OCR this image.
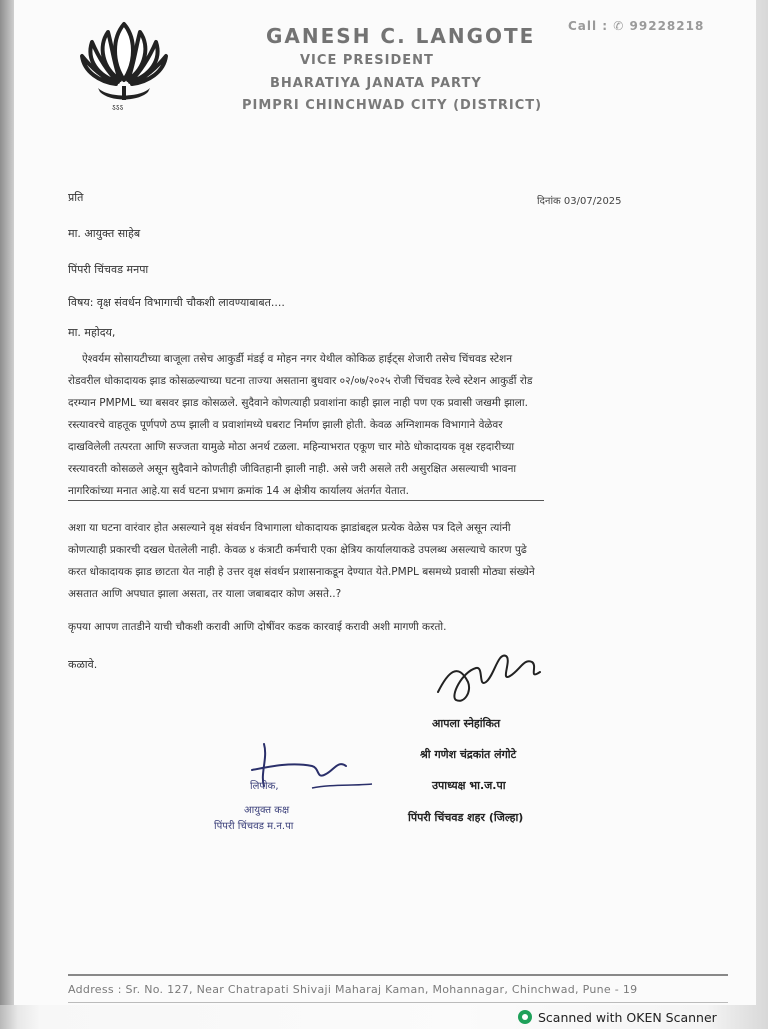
ऽऽऽ
GANESH C. LANGOTE	Call : ✆ 99228218
VICE PRESIDENT
BHARATIYA JANATA PARTY
PIMPRI CHINCHWAD CITY (DISTRICT)
प्रति	दिनांक 03/07/2025
मा. आयुक्त साहेब
पिंपरी चिंचवड मनपा
विषय: वृक्ष संवर्धन विभागाची चौकशी लावण्याबाबत....
मा. महोदय,
ऐश्वर्यम सोसायटीच्या बाजूला तसेच आकुर्डी मंडई व मोहन नगर येथील कोकिळ हाईट्स शेजारी तसेच चिंचवड स्टेशन
रोडवरील धोकादायक झाड कोसळल्याच्या घटना ताज्या असताना बुधवार ०२/०७/२०२५ रोजी चिंचवड रेल्वे स्टेशन आकुर्डी रोड
दरम्यान PMPML च्या बसवर झाड कोसळले. सुदैवाने कोणत्याही प्रवाशांना काही झाल नाही पण एक प्रवासी जखमी झाला.
रस्त्यावरचे वाहतूक पूर्णपणे ठप्प झाली व प्रवाशांमध्ये घबराट निर्माण झाली होती. केवळ अग्निशामक विभागाने वेळेवर
दाखविलेली तत्परता आणि सज्जता यामुळे मोठा अनर्थ टळला. महिन्याभरात एकूण चार मोठे धोकादायक वृक्ष रहदारीच्या
रस्त्यावरती कोसळले असून सुदैवाने कोणतीही जीवितहानी झाली नाही. असे जरी असले तरी असुरक्षित असल्याची भावना
नागरिकांच्या मनात आहे.या सर्व घटना प्रभाग क्रमांक 14 अ क्षेत्रीय कार्यालय अंतर्गत येतात.
अशा या घटना वारंवार होत असल्याने वृक्ष संवर्धन विभागाला धोकादायक झाडांबद्दल प्रत्येक वेळेस पत्र दिले असून त्यांनी
कोणत्याही प्रकारची दखल घेतलेली नाही. केवळ ४ कंत्राटी कर्मचारी एका क्षेत्रिय कार्यालयाकडे उपलब्ध असल्याचे कारण पुढे
करत धोकादायक झाड छाटता येत नाही हे उत्तर वृक्ष संवर्धन प्रशासनाकडून देण्यात येते.PMPL बसमध्ये प्रवासी मोठ्या संख्येने
असतात आणि अपघात झाला असता, तर याला जबाबदार कोण असते..?
कृपया आपण तातडीने याची चौकशी करावी आणि दोषींवर कडक कारवाई करावी अशी मागणी करतो.
कळावे.
आपला स्नेहांकित
श्री गणेश चंद्रकांत लंगोटे
उपाध्यक्ष भा.ज.पा
पिंपरी चिंचवड शहर (जिल्हा)
लिपीक,
आयुक्त कक्ष
पिंपरी चिंचवड म.न.पा
Address : Sr. No. 127, Near Chatrapati Shivaji Maharaj Kaman, Mohannagar, Chinchwad, Pune - 19
Scanned with OKEN Scanner
